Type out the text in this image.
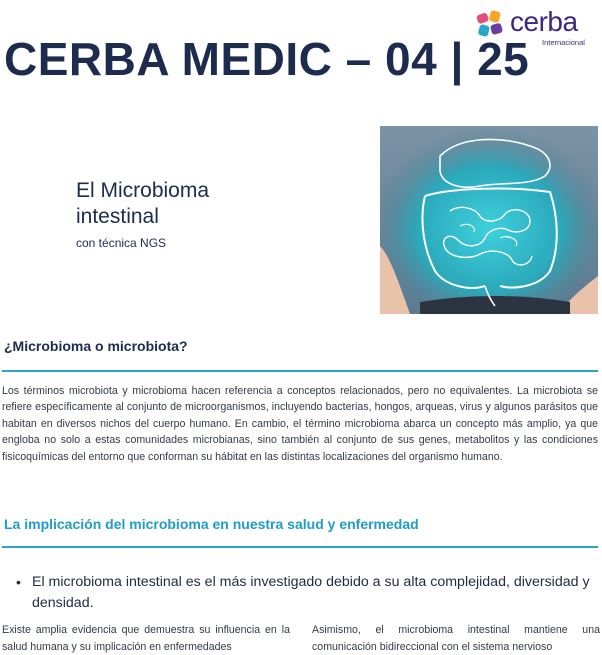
cerba
Internacional
CERBA MEDIC – 04 | 25
El Microbioma
intestinal
con técnica NGS
¿Microbioma o microbiota?

Los términos microbiota y microbioma hacen referencia a conceptos relacionados, pero no equivalentes. La microbiota se refiere específicamente al conjunto de microorganismos, incluyendo bacterias, hongos, arqueas, virus y algunos parásitos que habitan en diversos nichos del cuerpo humano. En cambio, el término microbioma abarca un concepto más amplio, ya que engloba no solo a estas comunidades microbianas, sino también al conjunto de sus genes, metabolitos y las condiciones fisicoquímicas del entorno que conforman su hábitat en las distintas localizaciones del organismo humano.

La implicación del microbioma en nuestra salud y enfermedad
• El microbioma intestinal es el más investigado debido a su alta complejidad, diversidad y densidad.

Existe amplia evidencia que demuestra su influencia en la salud humana y su implicación en enfermedades

Asimismo, el microbioma intestinal mantiene una comunicación bidireccional con el sistema nervioso
